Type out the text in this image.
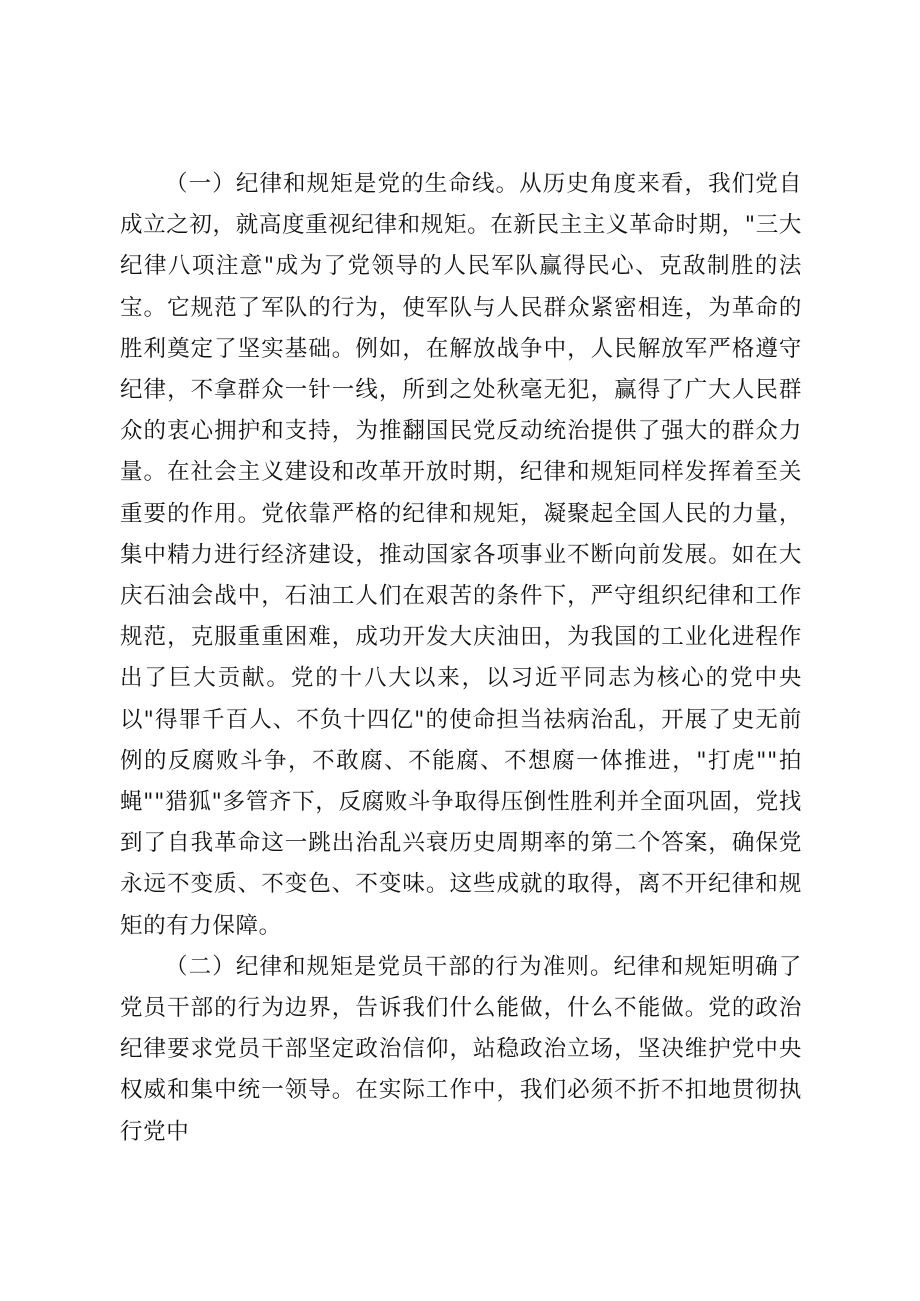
（一）纪律和规矩是党的生命线。从历史角度来看，我们党自成立之初，就高度重视纪律和规矩。在新民主主义革命时期，"三大纪律八项注意"成为了党领导的人民军队赢得民心、克敌制胜的法宝。它规范了军队的行为，使军队与人民群众紧密相连，为革命的胜利奠定了坚实基础。例如，在解放战争中，人民解放军严格遵守纪律，不拿群众一针一线，所到之处秋毫无犯，赢得了广大人民群众的衷心拥护和支持，为推翻国民党反动统治提供了强大的群众力量。在社会主义建设和改革开放时期，纪律和规矩同样发挥着至关重要的作用。党依靠严格的纪律和规矩，凝聚起全国人民的力量，集中精力进行经济建设，推动国家各项事业不断向前发展。如在大庆石油会战中，石油工人们在艰苦的条件下，严守组织纪律和工作规范，克服重重困难，成功开发大庆油田，为我国的工业化进程作出了巨大贡献。党的十八大以来，以习近平同志为核心的党中央以"得罪千百人、不负十四亿"的使命担当祛病治乱，开展了史无前例的反腐败斗争，不敢腐、不能腐、不想腐一体推进，"打虎""拍蝇""猎狐"多管齐下，反腐败斗争取得压倒性胜利并全面巩固，党找到了自我革命这一跳出治乱兴衰历史周期率的第二个答案，确保党永远不变质、不变色、不变味。这些成就的取得，离不开纪律和规矩的有力保障。

（二）纪律和规矩是党员干部的行为准则。纪律和规矩明确了党员干部的行为边界，告诉我们什么能做，什么不能做。党的政治纪律要求党员干部坚定政治信仰，站稳政治立场，坚决维护党中央权威和集中统一领导。在实际工作中，我们必须不折不扣地贯彻执行党中
